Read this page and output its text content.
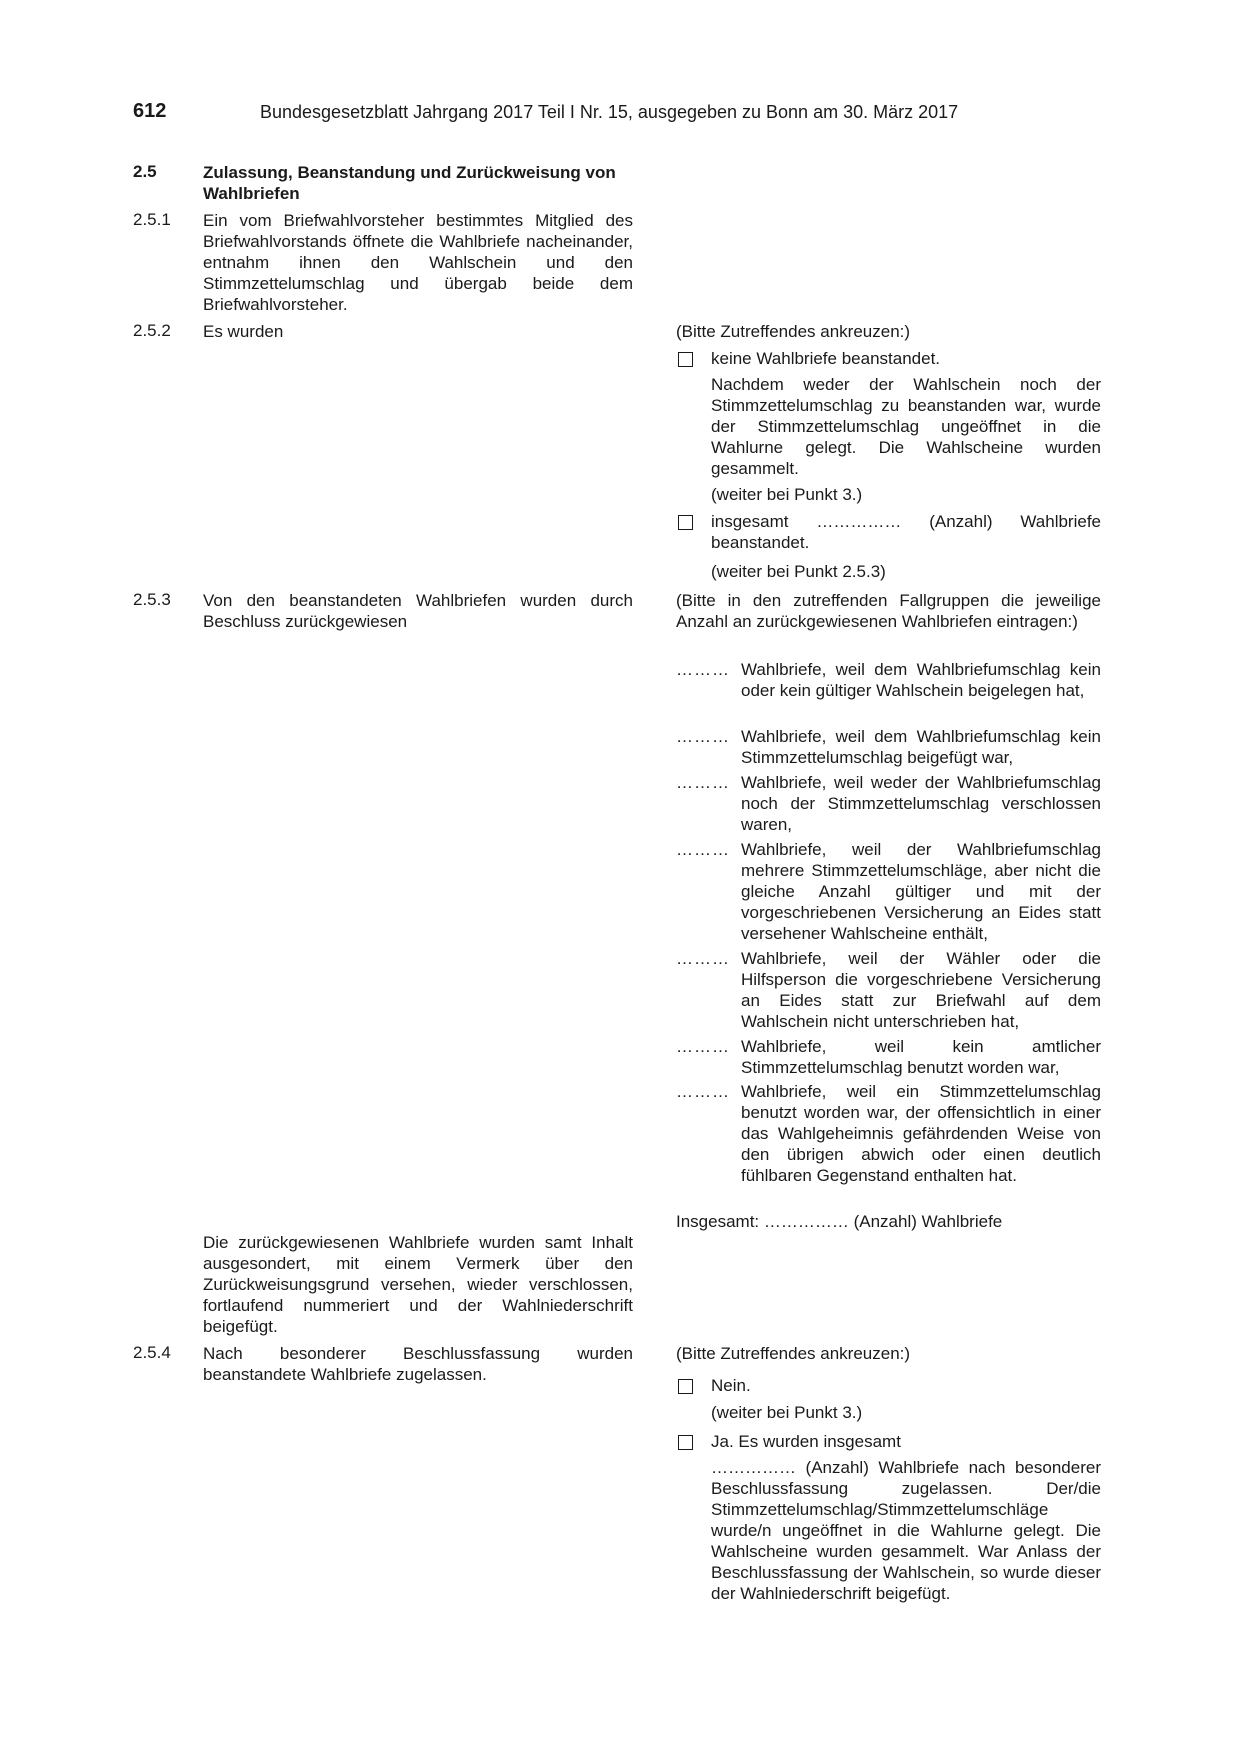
612	Bundesgesetzblatt Jahrgang 2017 Teil I Nr. 15, ausgegeben zu Bonn am 30. März 2017
2.5	Zulassung, Beanstandung und Zurückweisung von Wahlbriefen
2.5.1 Ein vom Briefwahlvorsteher bestimmtes Mitglied des Briefwahlvorstands öffnete die Wahlbriefe nacheinander, entnahm ihnen den Wahlschein und den Stimmzettelumschlag und übergab beide dem Briefwahlvorsteher.
2.5.2 Es wurden	(Bitte Zutreffendes ankreuzen:)
keine Wahlbriefe beanstandet.
Nachdem weder der Wahlschein noch der Stimmzettelumschlag zu beanstanden war, wurde der Stimmzettelumschlag ungeöffnet in die Wahlurne gelegt. Die Wahlscheine wurden gesammelt.
(weiter bei Punkt 3.)
insgesamt …………… (Anzahl) Wahlbriefe beanstandet.
(weiter bei Punkt 2.5.3)
2.5.3 Von den beanstandeten Wahlbriefen wurden durch Beschluss zurückgewiesen
(Bitte in den zutreffenden Fallgruppen die jeweilige Anzahl an zurückgewiesenen Wahlbriefen eintragen:)
……… Wahlbriefe, weil dem Wahlbriefumschlag kein oder kein gültiger Wahlschein beigelegen hat,
……… Wahlbriefe, weil dem Wahlbriefumschlag kein Stimmzettelumschlag beigefügt war,
……… Wahlbriefe, weil weder der Wahlbriefumschlag noch der Stimmzettelumschlag verschlossen waren,
……… Wahlbriefe, weil der Wahlbriefumschlag mehrere Stimmzettelumschläge, aber nicht die gleiche Anzahl gültiger und mit der vorgeschriebenen Versicherung an Eides statt versehener Wahlscheine enthält,
……… Wahlbriefe, weil der Wähler oder die Hilfsperson die vorgeschriebene Versicherung an Eides statt zur Briefwahl auf dem Wahlschein nicht unterschrieben hat,
……… Wahlbriefe, weil kein amtlicher Stimmzettelumschlag benutzt worden war,
……… Wahlbriefe, weil ein Stimmzettelumschlag benutzt worden war, der offensichtlich in einer das Wahlgeheimnis gefährdenden Weise von den übrigen abwich oder einen deutlich fühlbaren Gegenstand enthalten hat.
Insgesamt: …………… (Anzahl) Wahlbriefe
Die zurückgewiesenen Wahlbriefe wurden samt Inhalt ausgesondert, mit einem Vermerk über den Zurückweisungsgrund versehen, wieder verschlossen, fortlaufend nummeriert und der Wahlniederschrift beigefügt.
2.5.4 Nach besonderer Beschlussfassung wurden beanstandete Wahlbriefe zugelassen.
(Bitte Zutreffendes ankreuzen:)
Nein.
(weiter bei Punkt 3.)
Ja. Es wurden insgesamt
…………… (Anzahl) Wahlbriefe nach besonderer Beschlussfassung zugelassen. Der/die Stimmzettelumschlag/Stimmzettelumschläge wurde/n ungeöffnet in die Wahlurne gelegt. Die Wahlscheine wurden gesammelt. War Anlass der Beschlussfassung der Wahlschein, so wurde dieser der Wahlniederschrift beigefügt.
